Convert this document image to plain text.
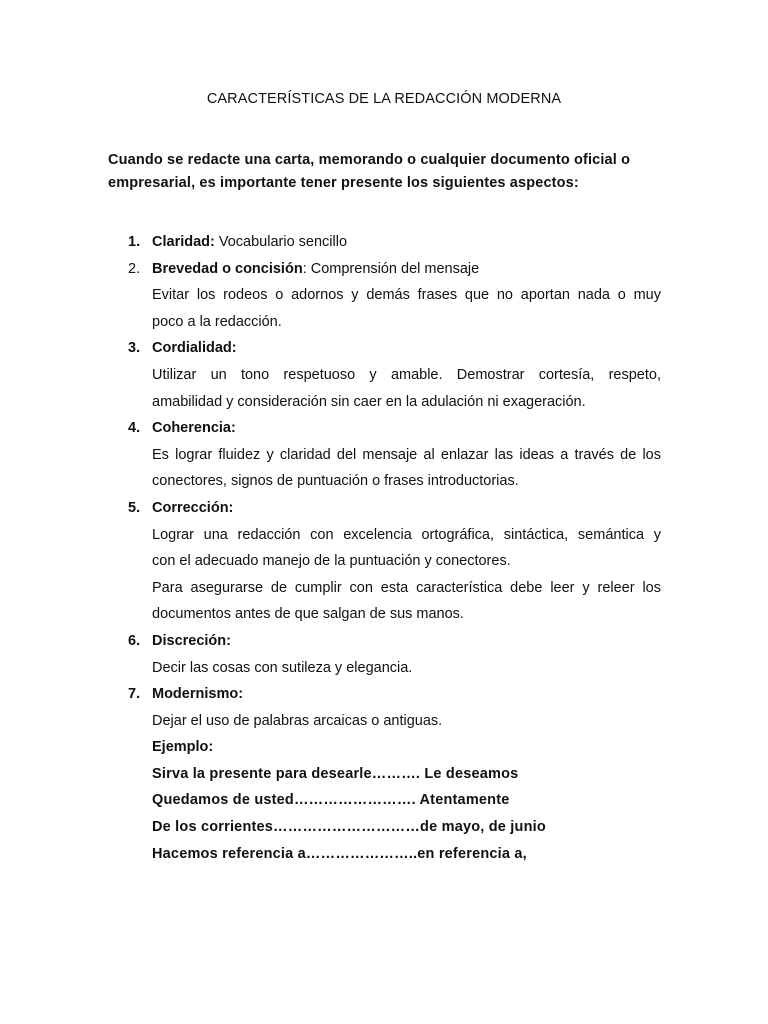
CARACTERÍSTICAS DE LA REDACCIÓN MODERNA
Cuando se redacte una carta, memorando o cualquier documento oficial o
empresarial, es importante tener presente los siguientes aspectos:
1. Claridad: Vocabulario sencillo
2. Brevedad o concisión: Comprensión del mensaje
Evitar los rodeos o adornos y demás frases que no aportan nada o muy
poco a la redacción.
3. Cordialidad:
Utilizar un tono respetuoso y amable. Demostrar cortesía, respeto,
amabilidad y consideración sin caer en la adulación ni exageración.
4. Coherencia:
Es lograr fluidez y claridad del mensaje al enlazar las ideas a través de los
conectores, signos de puntuación o frases introductorias.
5. Corrección:
Lograr una redacción con excelencia ortográfica, sintáctica, semántica y
con el adecuado manejo de la puntuación y conectores.
Para asegurarse de cumplir con esta característica debe leer y releer los
documentos antes de que salgan de sus manos.
6. Discreción:
Decir las cosas con sutileza y elegancia.
7. Modernismo:
Dejar el uso de palabras arcaicas o antiguas.
Ejemplo:
Sirva la presente para desearle………. Le deseamos
Quedamos de usted……………………. Atentamente
De los corrientes…………………………de mayo, de junio
Hacemos referencia a…………………..en referencia a,
